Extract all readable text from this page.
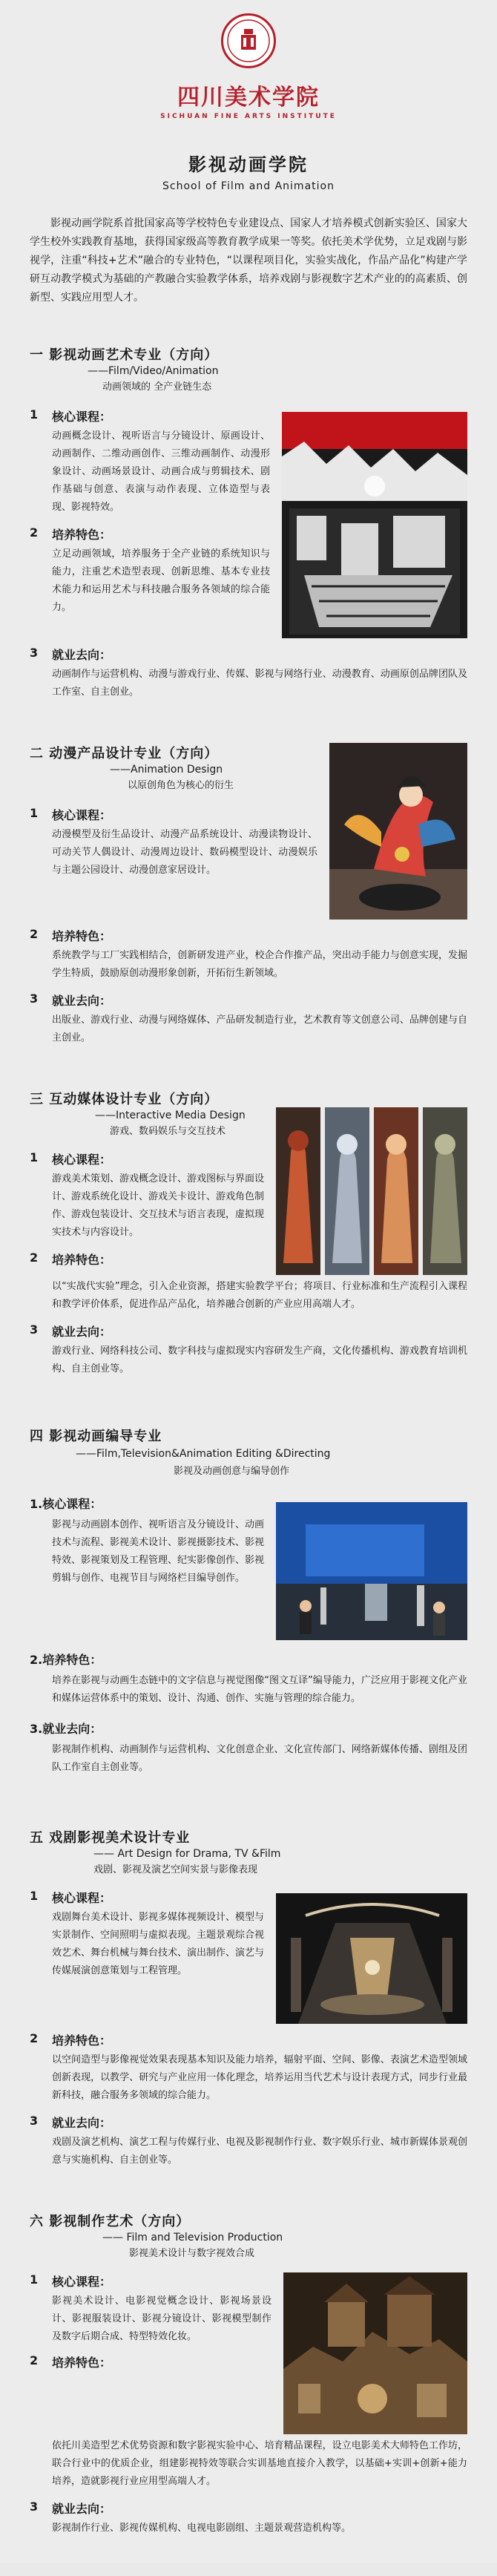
四川美术学院
SICHUAN FINE ARTS INSTITUTE
影视动画学院
School of Film and Animation
影视动画学院系首批国家高等学校特色专业建设点、国家人才培养模式创新实验区、国家大学生校外实践教育基地，获得国家级高等教育教学成果一等奖。依托美术学优势，立足戏剧与影视学，注重“科技+艺术”融合的专业特色，“以课程项目化，实验实战化，作品产品化”构建产学研互动教学模式为基础的产教融合实验教学体系，培养戏剧与影视数字艺术产业的的高素质、创新型、实践应用型人才。
一 影视动画艺术专业（方向）
——Film/Video/Animation
动画领域的 全产业链生态
1	核心课程：
动画概念设计、视听语言与分镜设计、原画设计、动画制作、二维动画创作、三维动画制作、动漫形象设计、动画场景设计、动画合成与剪辑技术、剧作基础与创意、表演与动作表现、立体造型与表现、影视特效。
2	培养特色：
立足动画领域，培养服务于全产业链的系统知识与能力，注重艺术造型表现、创新思维、基本专业技术能力和运用艺术与科技融合服务各领域的综合能力。
3	就业去向：
动画制作与运营机构、动漫与游戏行业、传媒、影视与网络行业、动漫教育、动画原创品牌团队及工作室、自主创业。
二 动漫产品设计专业（方向）
——Animation Design
以原创角色为核心的衍生
1	核心课程：
动漫模型及衍生品设计、动漫产品系统设计、动漫读物设计、可动关节人偶设计、动漫周边设计、数码模型设计、动漫娱乐与主题公园设计、动漫创意家居设计。
2	培养特色：
系统教学与工厂实践相结合，创新研发进产业，校企合作推产品，突出动手能力与创意实现，发掘学生特质，鼓励原创动漫形象创新，开拓衍生新领域。
3	就业去向：
出版业、游戏行业、动漫与网络媒体、产品研发制造行业，艺术教育等文创意公司、品牌创建与自主创业。
三 互动媒体设计专业（方向）
——Interactive Media Design
游戏、数码娱乐与交互技术
1	核心课程：
游戏美术策划、游戏概念设计、游戏图标与界面设计、游戏系统化设计、游戏关卡设计、游戏角色制作、游戏包装设计、交互技术与语言表现，虚拟现实技术与内容设计。
2	培养特色：
以“实战代实验”理念，引入企业资源，搭建实验教学平台；将项目、行业标准和生产流程引入课程和教学评价体系，促进作品产品化，培养融合创新的产业应用高端人才。
3	就业去向：
游戏行业、网络科技公司、数字科技与虚拟现实内容研发生产商，文化传播机构、游戏教育培训机构、自主创业等。
四 影视动画编导专业
——Film,Television&Animation Editing &Directing
影视及动画创意与编导创作
1.核心课程：
影视与动画剧本创作、视听语言及分镜设计、动画技术与流程、影视美术设计、影视摄影技术、影视特效、影视策划及工程管理、纪实影像创作、影视剪辑与创作、电视节目与网络栏目编导创作。
2.培养特色：
培养在影视与动画生态链中的文字信息与视觉图像“图文互译”编导能力，广泛应用于影视文化产业和媒体运营体系中的策划、设计、沟通、创作、实施与管理的综合能力。
3.就业去向：
影视制作机构、动画制作与运营机构、文化创意企业、文化宣传部门、网络新媒体传播、剧组及团队工作室自主创业等。
五 戏剧影视美术设计专业
—— Art Design for Drama, TV &Film
戏剧、影视及演艺空间实景与影像表现
1	核心课程：
戏剧舞台美术设计、影视多媒体视频设计、模型与实景制作、空间照明与虚拟表现。主题景观综合视效艺术、舞台机械与舞台技术、演出制作、演艺与传媒展演创意策划与工程管理。
2	培养特色：
以空间造型与影像视觉效果表现基本知识及能力培养，辐射平面、空间、影像、表演艺术造型领域创新表现，以教学、研究与产业应用一体化理念，培养运用当代艺术与设计表现方式，同步行业最新科技，融合服务多领域的综合能力。
3	就业去向：
戏剧及演艺机构、演艺工程与传媒行业、电视及影视制作行业、数字娱乐行业、城市新媒体景观创意与实施机构、自主创业等。
六 影视制作艺术（方向）
—— Film and Television Production
影视美术设计与数字视效合成
1	核心课程：
影视美术设计、电影视觉概念设计、影视场景设计、影视服装设计、影视分镜设计、影视模型制作及数字后期合成、特型特效化妆。
2	培养特色：
依托川美造型艺术优势资源和数字影视实验中心、培育精品课程，设立电影美术大师特色工作坊，联合行业中的优质企业，组建影视特效等联合实训基地直接介入教学，以基础+实训+创新+能力培养，造就影视行业应用型高端人才。
3	就业去向：
影视制作行业、影视传媒机构、电视电影剧组、主题景观营造机构等。
